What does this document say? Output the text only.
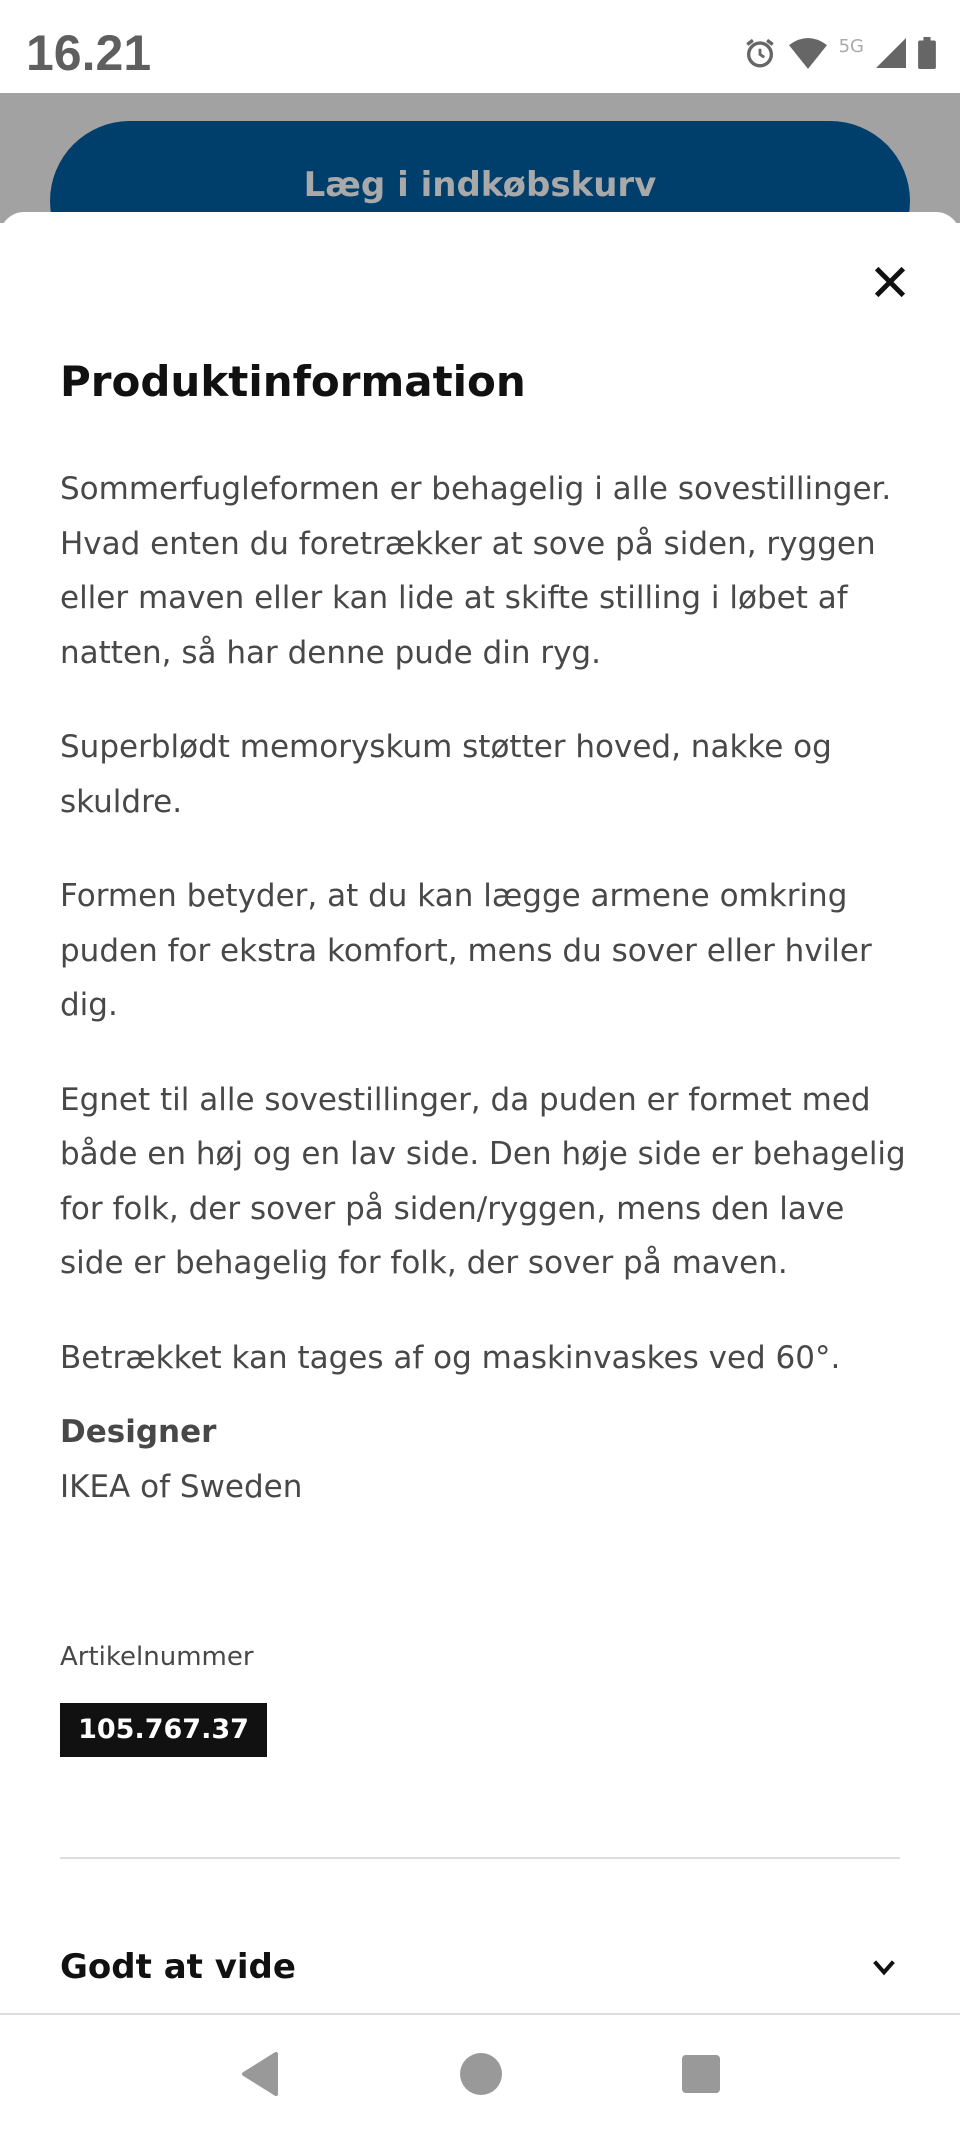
16.21	5G
Læg i indkøbskurv
Produktinformation

Sommerfugleformen er behagelig i alle sovestillinger. Hvad enten du foretrækker at sove på siden, ryggen eller maven eller kan lide at skifte stilling i løbet af natten, så har denne pude din ryg.

Superblødt memoryskum støtter hoved, nakke og skuldre.

Formen betyder, at du kan lægge armene omkring puden for ekstra komfort, mens du sover eller hviler dig.

Egnet til alle sovestillinger, da puden er formet med både en høj og en lav side. Den høje side er behagelig for folk, der sover på siden/ryggen, mens den lave side er behagelig for folk, der sover på maven.

Betrækket kan tages af og maskinvaskes ved 60°.

Designer
IKEA of Sweden
Artikelnummer
105.767.37
Godt at vide
